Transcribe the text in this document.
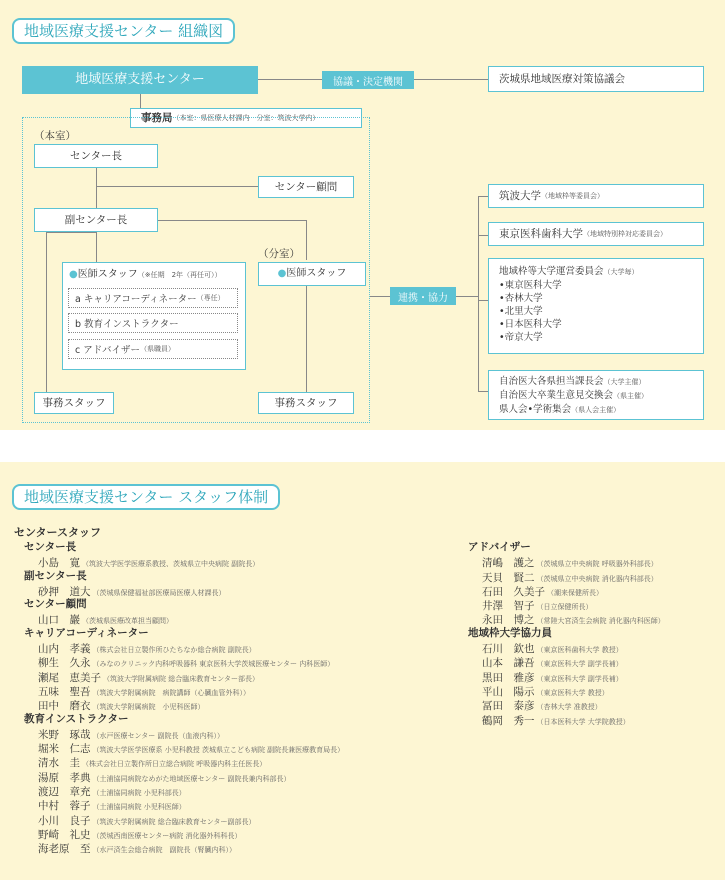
地域医療支援センター 組織図
地域医療支援センター	協議・決定機関	茨城県地域医療対策協議会
事務局 （本室：県医療人材課内　分室：筑波大学内）
（本室）
センター長
センター顧問
副センター長
●医師スタッフ（※任期　2年（再任可））
a キャリアコーディネーター （専任）
b 教育インストラクター
c アドバイザー （県職員）
（分室）
● 医師スタッフ
事務スタッフ	事務スタッフ
連携・協力
筑波大学 （地域枠等委員会）
東京医科歯科大学 （地域特別枠対応委員会）
地域枠等大学運営委員会（大学毎）
•東京医科大学
•杏林大学
•北里大学
•日本医科大学
•帝京大学
自治医大各県担当課長会（大学主催）
自治医大卒業生意見交換会（県主催）
県人会•学術集会（県人会主催）
地域医療支援センター スタッフ体制
センタースタッフ
センター長
小島　寛 （筑波大学医学医療系教授、茨城県立中央病院 副院長）
副センター長
砂押　道大 （茨城県保健福祉部医療局医療人材課長）
センター顧問
山口　巖 （茨城県医療改革担当顧問）
キャリアコーディネーター
山内　孝義 （株式会社日立製作所ひたちなか総合病院 副院長）
柳生　久永 （みなのクリニック内科呼吸器科 東京医科大学茨城医療センター 内科医師）
瀬尾　恵美子 （筑波大学附属病院 総合臨床教育センター部長）
五味　聖吾 （筑波大学附属病院　病院講師（心臓血管外科））
田中　磨衣 （筑波大学附属病院　小児科医師）
教育インストラクター
米野　琢哉 （水戸医療センター 副院長（血液内科））
堀米　仁志 （筑波大学医学医療系 小児科教授 茨城県立こども病院 副院長兼医療教育局長）
清水　圭 （株式会社日立製作所日立総合病院 呼吸器内科主任医長）
湯原　孝典 （土浦協同病院なめがた地域医療センター 副院長兼内科部長）
渡辺　章充 （土浦協同病院 小児科部長）
中村　蓉子 （土浦協同病院 小児科医師）
小川　良子 （筑波大学附属病院 総合臨床教育センター副部長）
野崎　礼史 （茨城西南医療センター病院 消化器外科科長）
海老原　至 （水戸済生会総合病院　副院長（腎臓内科））
アドバイザー
清嶋　護之 （茨城県立中央病院 呼吸器外科部長）
天貝　賢二 （茨城県立中央病院 消化器内科部長）
石田　久美子 （潮来保健所長）
井澤　智子 （日立保健所長）
永田　博之 （常陸大宮済生会病院 消化器内科医師）
地域枠大学協力員
石川　欽也 （東京医科歯科大学 教授）
山本　謙吾 （東京医科大学 副学長補）
黒田　雅彦 （東京医科大学 副学長補）
平山　陽示 （東京医科大学 教授）
冨田　泰彦 （杏林大学 准教授）
鶴岡　秀一 （日本医科大学 大学院教授）
